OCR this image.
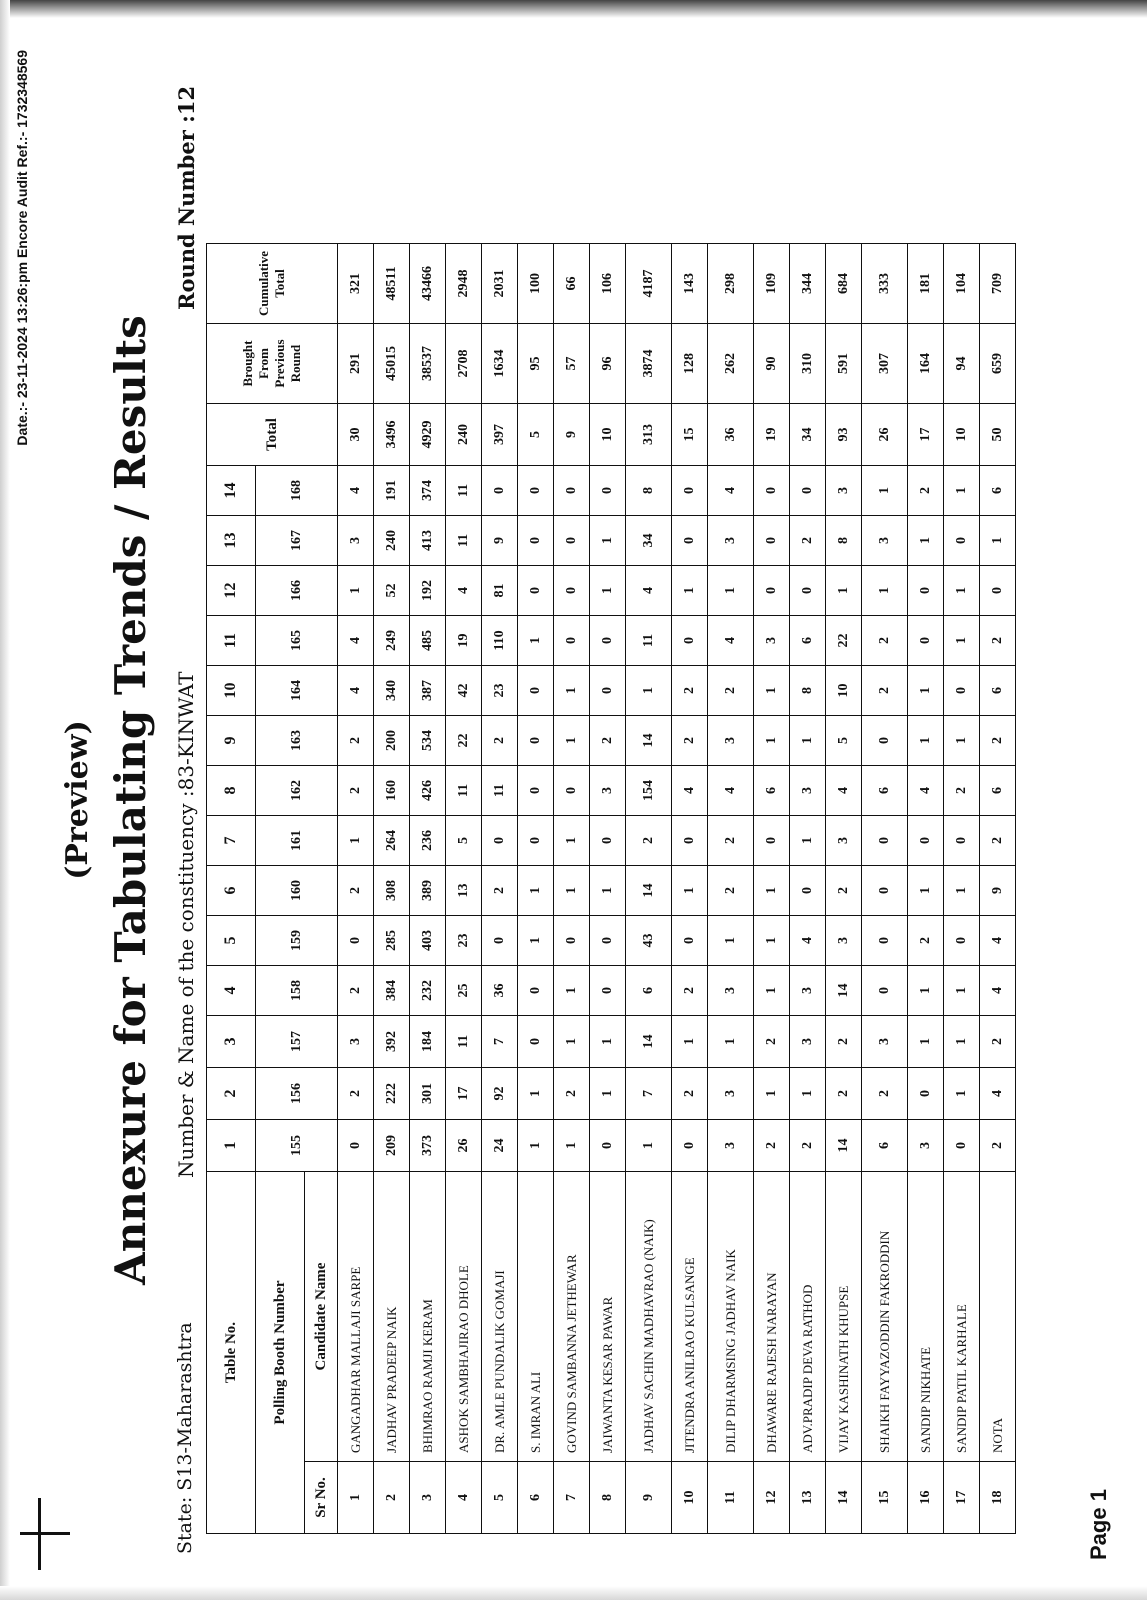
Date.:- 23-11-2024 13:26:pm Encore Audit Ref.:- 1732348569
(Preview) Annexure for Tabulating Trends / Results
State: S13-Maharashtra
Number & Name of the constituency :83-KINWAT
Round Number :12
Table No.		1	2	3	4	5	6	7	8	9	10	11	12	13	14	Total	Brought From Previous Round	Cumulative Total
Polling Booth Number		155	156	157	158	159	160	161	162	163	164	165	166	167	168			
Sr No.	Candidate Name																	
1	GANGADHAR MALLAJI SARPE	0	2	3	2	0	2	1	2	2	4	4	1	3	4	30	291	321
2	JADHAV PRADEEP NAIK	209	222	392	384	285	308	264	160	200	340	249	52	240	191	3496	45015	48511
3	BHIMRAO RAMJI KERAM	373	301	184	232	403	389	236	426	534	387	485	192	413	374	4929	38537	43466
4	ASHOK SAMBHAJIRAO DHOLE	26	17	11	25	23	13	5	11	22	42	19	4	11	11	240	2708	2948
5	DR. AMLE PUNDALIK GOMAJI	24	92	7	36	0	2	0	11	2	23	110	81	9	0	397	1634	2031
6	S. IMRAN ALI	1	1	0	0	1	1	0	0	0	0	1	0	0	0	5	95	100
7	GOVIND SAMBANNA JETHEWAR	1	2	1	1	0	1	1	0	1	1	0	0	0	0	9	57	66
8	JAIWANTA KESAR PAWAR	0	1	1	0	0	1	0	3	2	0	0	1	1	0	10	96	106
9	JADHAV SACHIN MADHAVRAO (NAIK)	1	7	14	6	43	14	2	154	14	1	11	4	34	8	313	3874	4187
10	JITENDRA ANILRAO KULSANGE	0	2	1	2	0	1	0	4	2	2	0	1	0	0	15	128	143
11	DILIP DHARMSING JADHAV NAIK	3	3	1	3	1	2	2	4	3	2	4	1	3	4	36	262	298
12	DHAWARE RAJESH NARAYAN	2	1	2	1	1	1	0	6	1	1	3	0	0	0	19	90	109
13	ADV.PRADIP DEVA RATHOD	2	1	3	3	4	0	1	3	1	8	6	0	2	0	34	310	344
14	VIJAY KASHINATH KHUPSE	14	2	2	14	3	2	3	4	5	10	22	1	8	3	93	591	684
15	SHAIKH FAYYAZODDIN FAKRODDIN	6	2	3	0	0	0	0	6	0	2	2	1	3	1	26	307	333
16	SANDIP NIKHATE	3	0	1	1	2	1	0	4	1	1	0	0	1	2	17	164	181
17	SANDIP PATIL KARHALE	0	1	1	1	0	1	0	2	1	0	1	1	0	1	10	94	104
18	NOTA	2	4	2	4	4	9	2	6	2	6	2	0	1	6	50	659	709
Page 1
